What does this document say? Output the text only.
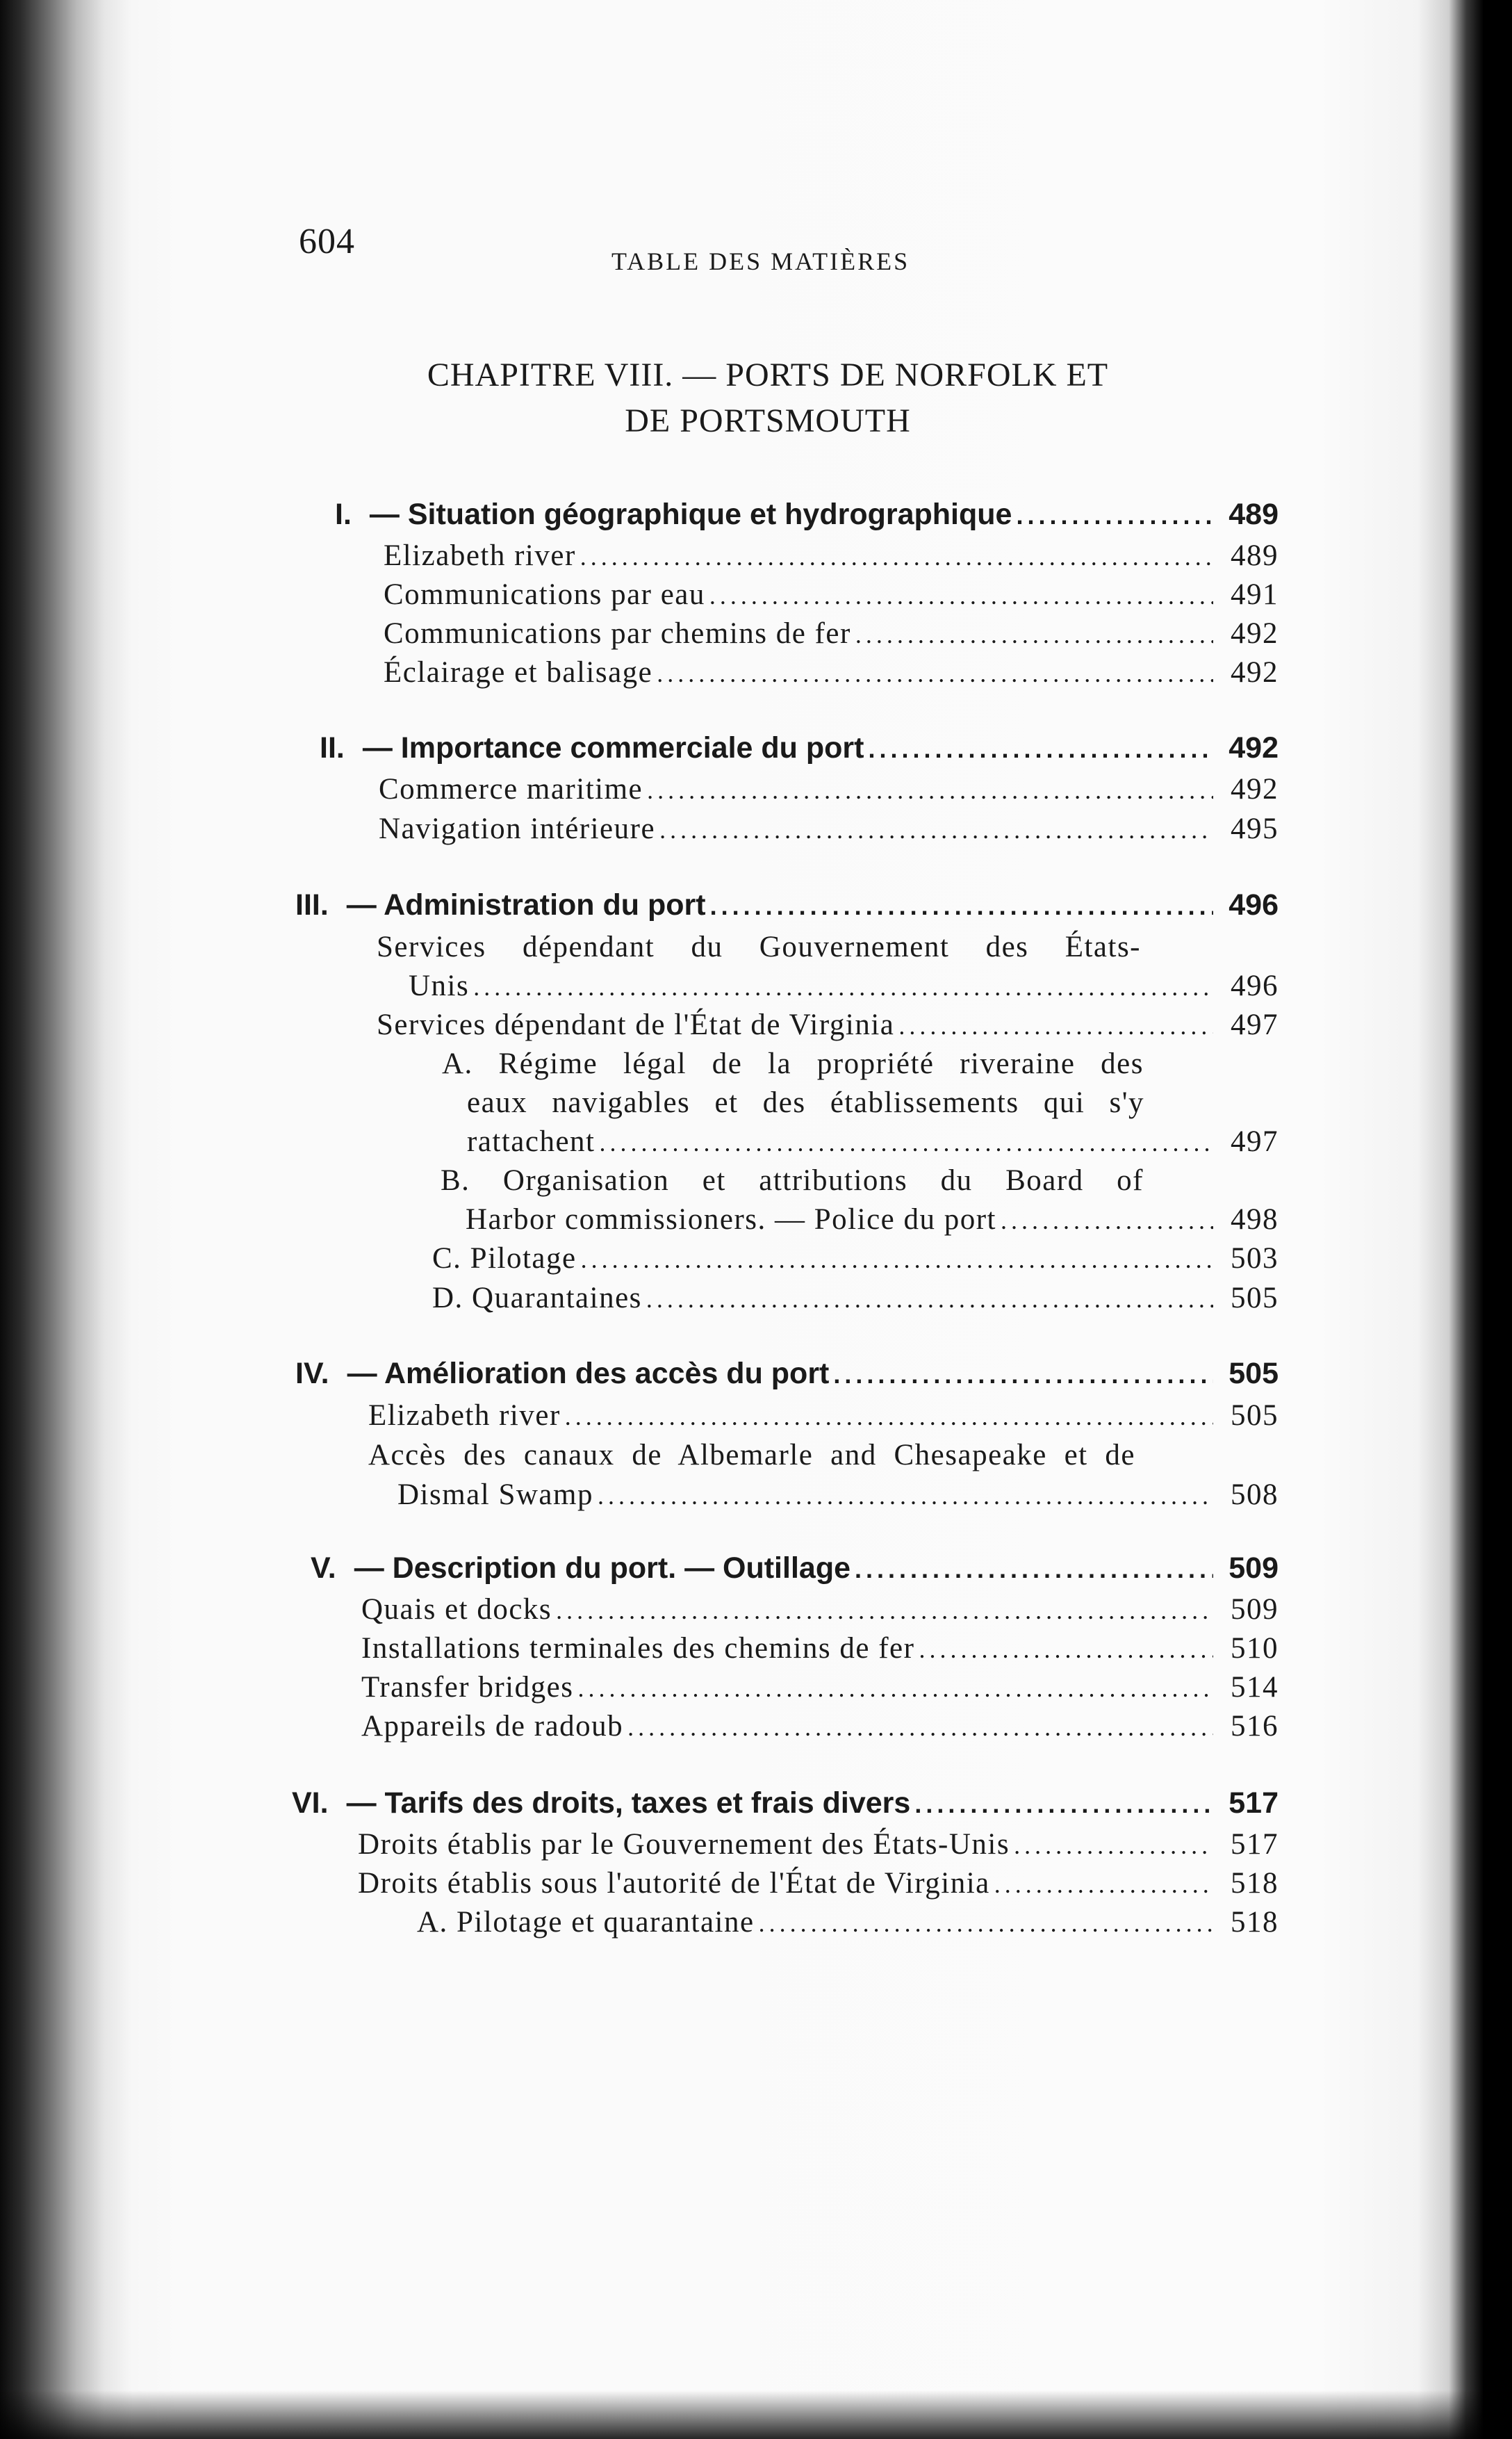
604	TABLE DES MATIÈRES
CHAPITRE VIII. — PORTS DE NORFOLK ET
DE PORTSMOUTH
I. — Situation géographique et hydrographique .....	489
Elizabeth river .....	489
Communications par eau .....	491
Communications par chemins de fer .....	492
Éclairage et balisage .....	492
II. — Importance commerciale du port .....	492
Commerce maritime .....	492
Navigation intérieure .....	495
III. — Administration du port .....	496
Services dépendant du Gouvernement des États-
Unis .....	496
Services dépendant de l'État de Virginia .....	497
A. Régime légal de la propriété riveraine des
eaux navigables et des établissements qui s'y
rattachent .....	497
B. Organisation et attributions du Board of
Harbor commissioners. — Police du port .....	498
C. Pilotage .....	503
D. Quarantaines .....	505
IV. — Amélioration des accès du port .....	505
Elizabeth river .....	505
Accès des canaux de Albemarle and Chesapeake et de
Dismal Swamp .....	508
V. — Description du port. — Outillage .....	509
Quais et docks .....	509
Installations terminales des chemins de fer .....	510
Transfer bridges .....	514
Appareils de radoub .....	516
VI. — Tarifs des droits, taxes et frais divers .....	517
Droits établis par le Gouvernement des États-Unis .....	517
Droits établis sous l'autorité de l'État de Virginia .....	518
A. Pilotage et quarantaine .....	518
